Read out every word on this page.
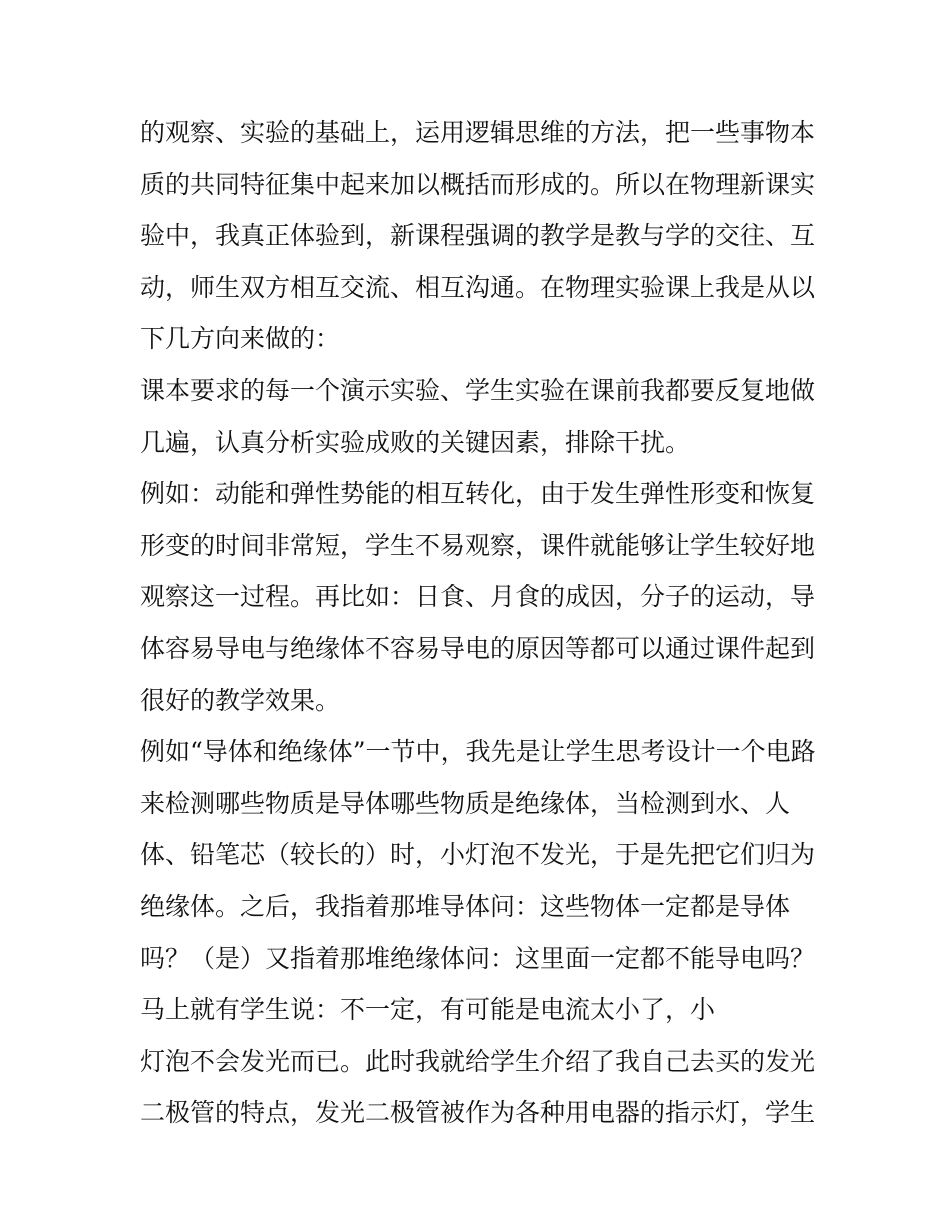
的观察、实验的基础上，运用逻辑思维的方法，把一些事物本
质的共同特征集中起来加以概括而形成的。所以在物理新课实
验中，我真正体验到，新课程强调的教学是教与学的交往、互
动，师生双方相互交流、相互沟通。在物理实验课上我是从以
下几方向来做的：
课本要求的每一个演示实验、学生实验在课前我都要反复地做
几遍，认真分析实验成败的关键因素，排除干扰。
例如：动能和弹性势能的相互转化，由于发生弹性形变和恢复
形变的时间非常短，学生不易观察，课件就能够让学生较好地
观察这一过程。再比如：日食、月食的成因，分子的运动，导
体容易导电与绝缘体不容易导电的原因等都可以通过课件起到
很好的教学效果。
例如“导体和绝缘体”一节中，我先是让学生思考设计一个电路
来检测哪些物质是导体哪些物质是绝缘体，当检测到水、人
体、铅笔芯（较长的）时，小灯泡不发光，于是先把它们归为
绝缘体。之后，我指着那堆导体问：这些物体一定都是导体
吗？（是）又指着那堆绝缘体问：这里面一定都不能导电吗？
马上就有学生说：不一定，有可能是电流太小了，小
灯泡不会发光而已。此时我就给学生介绍了我自己去买的发光
二极管的特点，发光二极管被作为各种用电器的指示灯，学生
